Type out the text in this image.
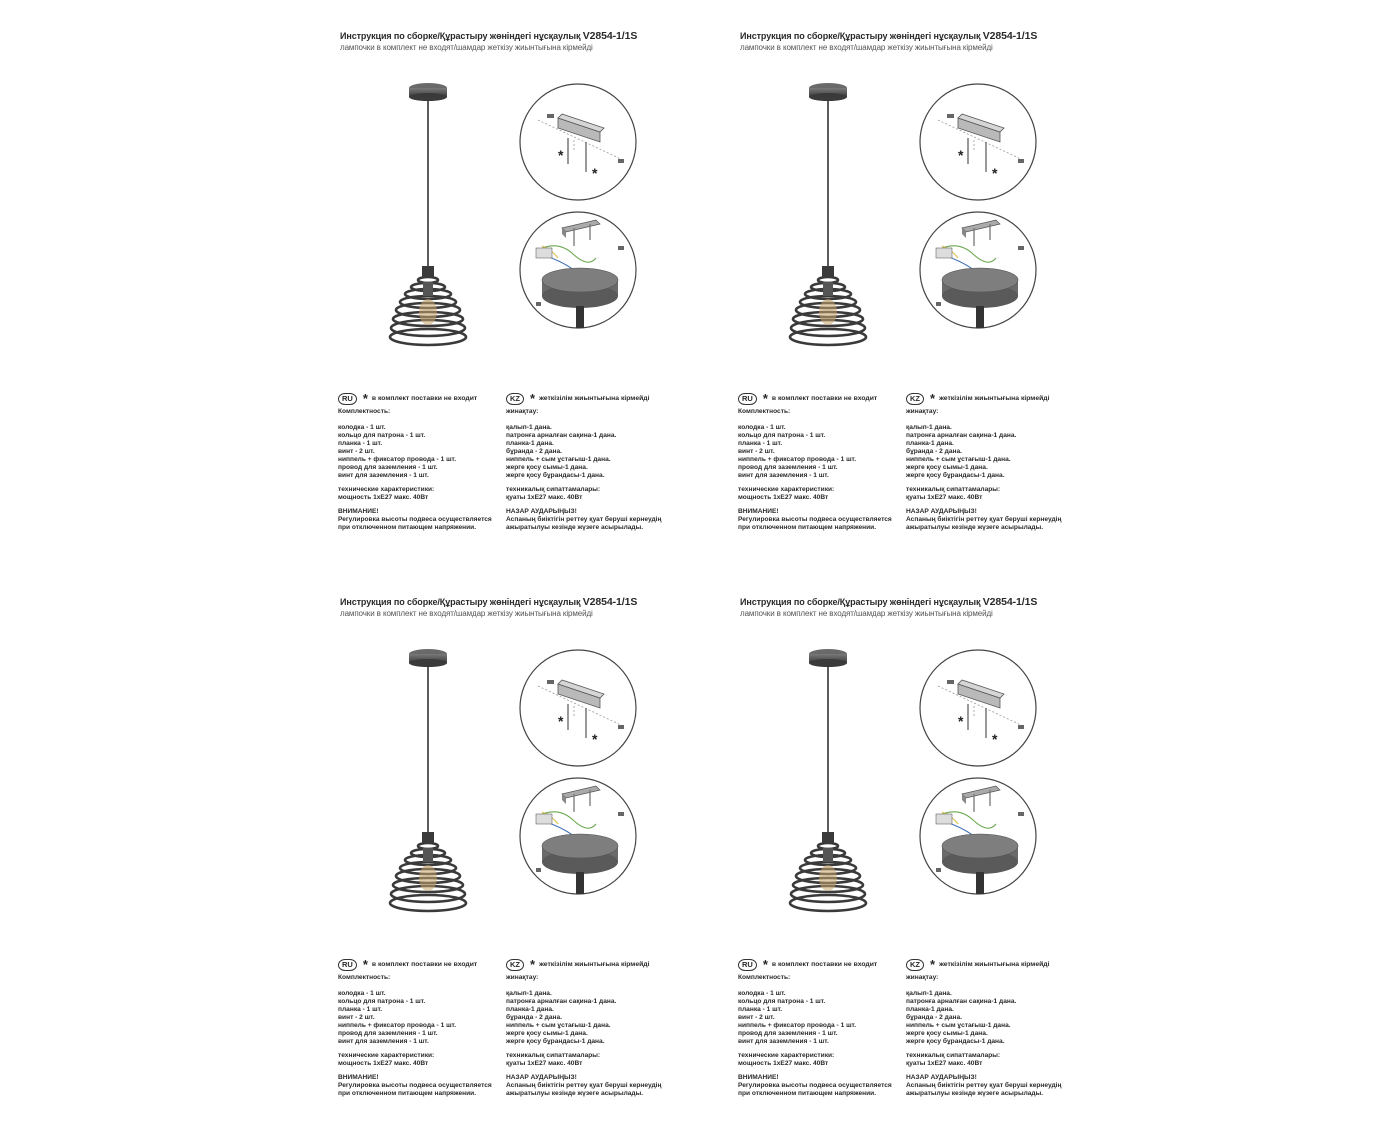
Инструкция по сборке/Құрастыру жөніндегі нұсқаулық V2854-1/1S
лампочки в комплект не входят/шамдар жеткізу жиынтығына кірмейді
*
*
RU * в комплект поставки не входит
Комплектность:
колодка - 1 шт.
кольцо для патрона - 1 шт.
планка - 1 шт.
винт - 2 шт.
ниппель + фиксатор провода - 1 шт.
провод для заземления - 1 шт.
винт для заземления - 1 шт.
технические характеристики:
мощность 1хЕ27 макс. 40Вт
ВНИМАНИЕ!
Регулировка высоты подвеса осуществляется
при отключенном питающем напряжении.
KZ * жеткізілім жиынтығына кірмейді
жинақтау:
қалып-1 дана.
патронға арналған сақина-1 дана.
планка-1 дана.
бұранда - 2 дана.
ниппель + сым ұстағыш-1 дана.
жерге қосу сымы-1 дана.
жерге қосу бұрандасы-1 дана.
техникалық сипаттамалары:
қуаты 1хЕ27 макс. 40Вт
НАЗАР АУДАРЫҢЫЗ!
Аспаның биіктігін реттеу қуат беруші кернеудің
ажыратылуы кезінде жүзеге асырылады.
Инструкция по сборке/Құрастыру жөніндегі нұсқаулық V2854-1/1S
лампочки в комплект не входят/шамдар жеткізу жиынтығына кірмейді
*
*
RU * в комплект поставки не входит
Комплектность:
колодка - 1 шт.
кольцо для патрона - 1 шт.
планка - 1 шт.
винт - 2 шт.
ниппель + фиксатор провода - 1 шт.
провод для заземления - 1 шт.
винт для заземления - 1 шт.
технические характеристики:
мощность 1хЕ27 макс. 40Вт
ВНИМАНИЕ!
Регулировка высоты подвеса осуществляется
при отключенном питающем напряжении.
KZ * жеткізілім жиынтығына кірмейді
жинақтау:
қалып-1 дана.
патронға арналған сақина-1 дана.
планка-1 дана.
бұранда - 2 дана.
ниппель + сым ұстағыш-1 дана.
жерге қосу сымы-1 дана.
жерге қосу бұрандасы-1 дана.
техникалық сипаттамалары:
қуаты 1хЕ27 макс. 40Вт
НАЗАР АУДАРЫҢЫЗ!
Аспаның биіктігін реттеу қуат беруші кернеудің
ажыратылуы кезінде жүзеге асырылады.
Инструкция по сборке/Құрастыру жөніндегі нұсқаулық V2854-1/1S
лампочки в комплект не входят/шамдар жеткізу жиынтығына кірмейді
*
*
RU * в комплект поставки не входит
Комплектность:
колодка - 1 шт.
кольцо для патрона - 1 шт.
планка - 1 шт.
винт - 2 шт.
ниппель + фиксатор провода - 1 шт.
провод для заземления - 1 шт.
винт для заземления - 1 шт.
технические характеристики:
мощность 1хЕ27 макс. 40Вт
ВНИМАНИЕ!
Регулировка высоты подвеса осуществляется
при отключенном питающем напряжении.
KZ * жеткізілім жиынтығына кірмейді
жинақтау:
қалып-1 дана.
патронға арналған сақина-1 дана.
планка-1 дана.
бұранда - 2 дана.
ниппель + сым ұстағыш-1 дана.
жерге қосу сымы-1 дана.
жерге қосу бұрандасы-1 дана.
техникалық сипаттамалары:
қуаты 1хЕ27 макс. 40Вт
НАЗАР АУДАРЫҢЫЗ!
Аспаның биіктігін реттеу қуат беруші кернеудің
ажыратылуы кезінде жүзеге асырылады.
Инструкция по сборке/Құрастыру жөніндегі нұсқаулық V2854-1/1S
лампочки в комплект не входят/шамдар жеткізу жиынтығына кірмейді
*
*
RU * в комплект поставки не входит
Комплектность:
колодка - 1 шт.
кольцо для патрона - 1 шт.
планка - 1 шт.
винт - 2 шт.
ниппель + фиксатор провода - 1 шт.
провод для заземления - 1 шт.
винт для заземления - 1 шт.
технические характеристики:
мощность 1хЕ27 макс. 40Вт
ВНИМАНИЕ!
Регулировка высоты подвеса осуществляется
при отключенном питающем напряжении.
KZ * жеткізілім жиынтығына кірмейді
жинақтау:
қалып-1 дана.
патронға арналған сақина-1 дана.
планка-1 дана.
бұранда - 2 дана.
ниппель + сым ұстағыш-1 дана.
жерге қосу сымы-1 дана.
жерге қосу бұрандасы-1 дана.
техникалық сипаттамалары:
қуаты 1хЕ27 макс. 40Вт
НАЗАР АУДАРЫҢЫЗ!
Аспаның биіктігін реттеу қуат беруші кернеудің
ажыратылуы кезінде жүзеге асырылады.
